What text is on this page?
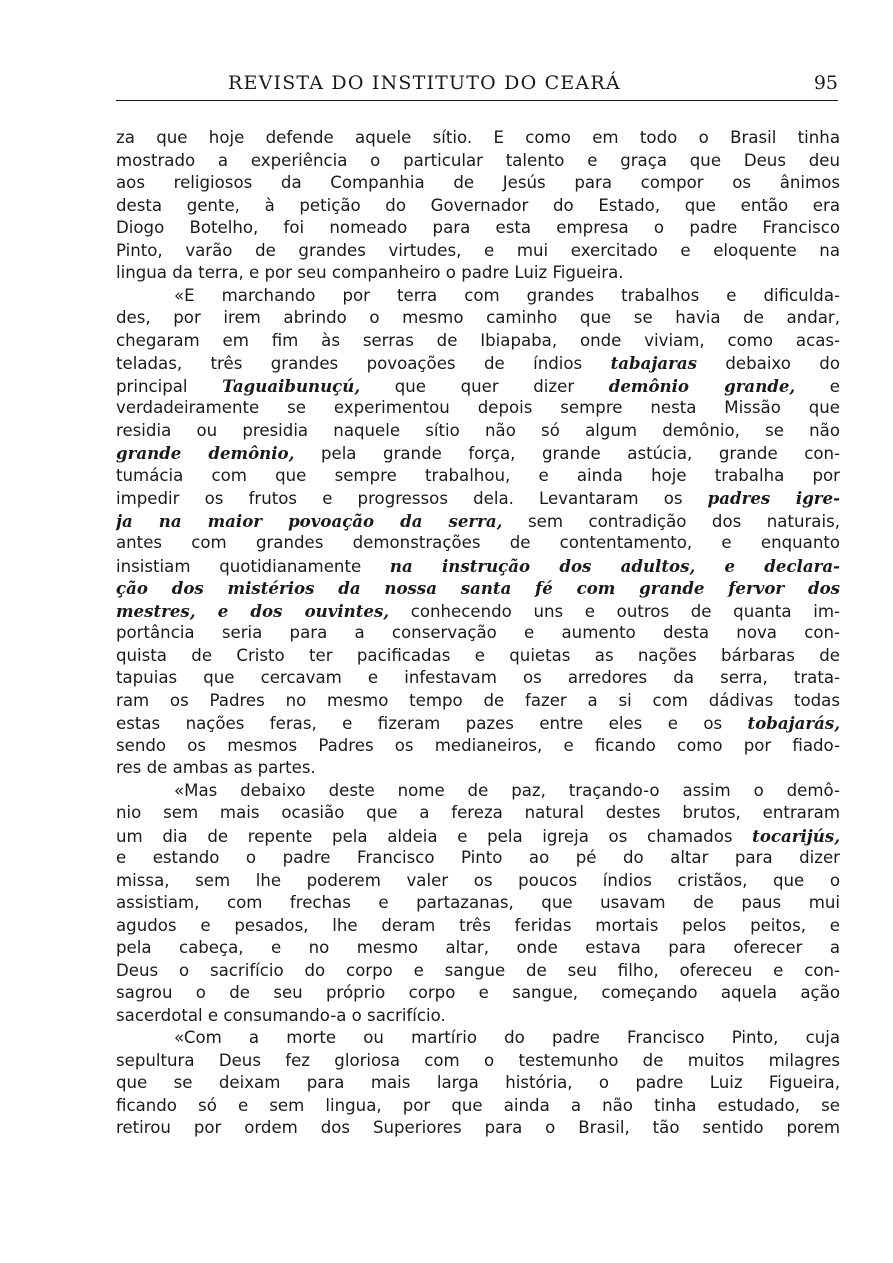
REVISTA DO INSTITUTO DO CEARÁ	95
za que hoje defende aquele sítio. E como em todo o Brasil tinha
mostrado a experiência o particular talento e graça que Deus deu
aos religiosos da Companhia de Jesús para compor os ânimos
desta gente, à petição do Governador do Estado, que então era
Diogo Botelho, foi nomeado para esta empresa o padre Francisco
Pinto, varão de grandes virtudes, e mui exercitado e eloquente na
lingua da terra, e por seu companheiro o padre Luiz Figueira.
«E marchando por terra com grandes trabalhos e dificulda-
des, por irem abrindo o mesmo caminho que se havia de andar,
chegaram em fim às serras de Ibiapaba, onde viviam, como acas-
teladas, três grandes povoações de índios tabajaras debaixo do
principal Taguaibunuçú, que quer dizer demônio grande, e
verdadeiramente se experimentou depois sempre nesta Missão que
residia ou presidia naquele sítio não só algum demônio, se não
grande demônio, pela grande força, grande astúcia, grande con-
tumácia com que sempre trabalhou, e ainda hoje trabalha por
impedir os frutos e progressos dela. Levantaram os padres igre-
ja na maior povoação da serra, sem contradição dos naturais,
antes com grandes demonstrações de contentamento, e enquanto
insistiam quotidianamente na instrução dos adultos, e declara-
ção dos mistérios da nossa santa fé com grande fervor dos
mestres, e dos ouvintes, conhecendo uns e outros de quanta im-
portância seria para a conservação e aumento desta nova con-
quista de Cristo ter pacificadas e quietas as nações bárbaras de
tapuias que cercavam e infestavam os arredores da serra, trata-
ram os Padres no mesmo tempo de fazer a si com dádivas todas
estas nações feras, e fizeram pazes entre eles e os tobajarás,
sendo os mesmos Padres os medianeiros, e ficando como por fiado-
res de ambas as partes.
«Mas debaixo deste nome de paz, traçando-o assim o demô-
nio sem mais ocasião que a fereza natural destes brutos, entraram
um dia de repente pela aldeia e pela igreja os chamados tocarijús,
e estando o padre Francisco Pinto ao pé do altar para dizer
missa, sem lhe poderem valer os poucos índios cristãos, que o
assistiam, com frechas e partazanas, que usavam de paus mui
agudos e pesados, lhe deram três feridas mortais pelos peitos, e
pela cabeça, e no mesmo altar, onde estava para oferecer a
Deus o sacrifício do corpo e sangue de seu filho, ofereceu e con-
sagrou o de seu próprio corpo e sangue, começando aquela ação
sacerdotal e consumando-a o sacrifício.
«Com a morte ou martírio do padre Francisco Pinto, cuja
sepultura Deus fez gloriosa com o testemunho de muitos milagres
que se deixam para mais larga história, o padre Luiz Figueira,
ficando só e sem lingua, por que ainda a não tinha estudado, se
retirou por ordem dos Superiores para o Brasil, tão sentido porem
